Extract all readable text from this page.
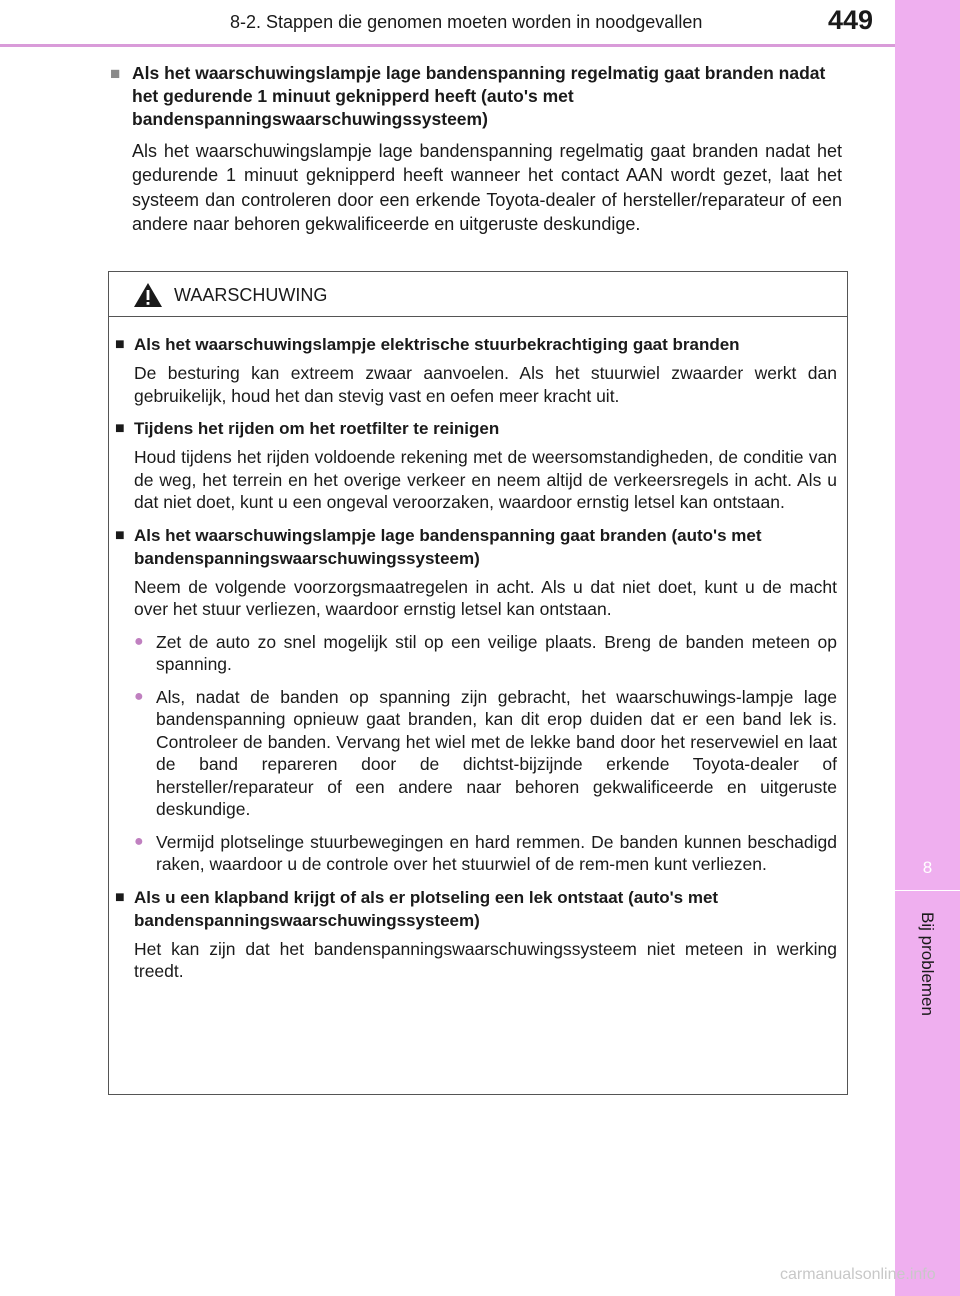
8
Bij problemen
8-2. Stappen die genomen moeten worden in noodgevallen	449
■ Als het waarschuwingslampje lage bandenspanning regelmatig gaat branden nadat het gedurende 1 minuut geknipperd heeft (auto's met bandenspanningswaarschuwingssysteem)
Als het waarschuwingslampje lage bandenspanning regelmatig gaat branden nadat het gedurende 1 minuut geknipperd heeft wanneer het contact AAN wordt gezet, laat het systeem dan controleren door een erkende Toyota-dealer of hersteller/reparateur of een andere naar behoren gekwalificeerde en uitgeruste deskundige.
WAARSCHUWING
■ Als het waarschuwingslampje elektrische stuurbekrachtiging gaat branden
De besturing kan extreem zwaar aanvoelen. Als het stuurwiel zwaarder werkt dan gebruikelijk, houd het dan stevig vast en oefen meer kracht uit.
■ Tijdens het rijden om het roetfilter te reinigen
Houd tijdens het rijden voldoende rekening met de weersomstandigheden, de conditie van de weg, het terrein en het overige verkeer en neem altijd de verkeersregels in acht. Als u dat niet doet, kunt u een ongeval veroorzaken, waardoor ernstig letsel kan ontstaan.
■ Als het waarschuwingslampje lage bandenspanning gaat branden (auto's met bandenspanningswaarschuwingssysteem)
Neem de volgende voorzorgsmaatregelen in acht. Als u dat niet doet, kunt u de macht over het stuur verliezen, waardoor ernstig letsel kan ontstaan.
● Zet de auto zo snel mogelijk stil op een veilige plaats. Breng de banden meteen op spanning.
● Als, nadat de banden op spanning zijn gebracht, het waarschuwings-lampje lage bandenspanning opnieuw gaat branden, kan dit erop duiden dat er een band lek is. Controleer de banden. Vervang het wiel met de lekke band door het reservewiel en laat de band repareren door de dichtst-bijzijnde erkende Toyota-dealer of hersteller/reparateur of een andere naar behoren gekwalificeerde en uitgeruste deskundige.
● Vermijd plotselinge stuurbewegingen en hard remmen. De banden kunnen beschadigd raken, waardoor u de controle over het stuurwiel of de rem-men kunt verliezen.
■ Als u een klapband krijgt of als er plotseling een lek ontstaat (auto's met bandenspanningswaarschuwingssysteem)
Het kan zijn dat het bandenspanningswaarschuwingssysteem niet meteen in werking treedt.
carmanualsonline.info
